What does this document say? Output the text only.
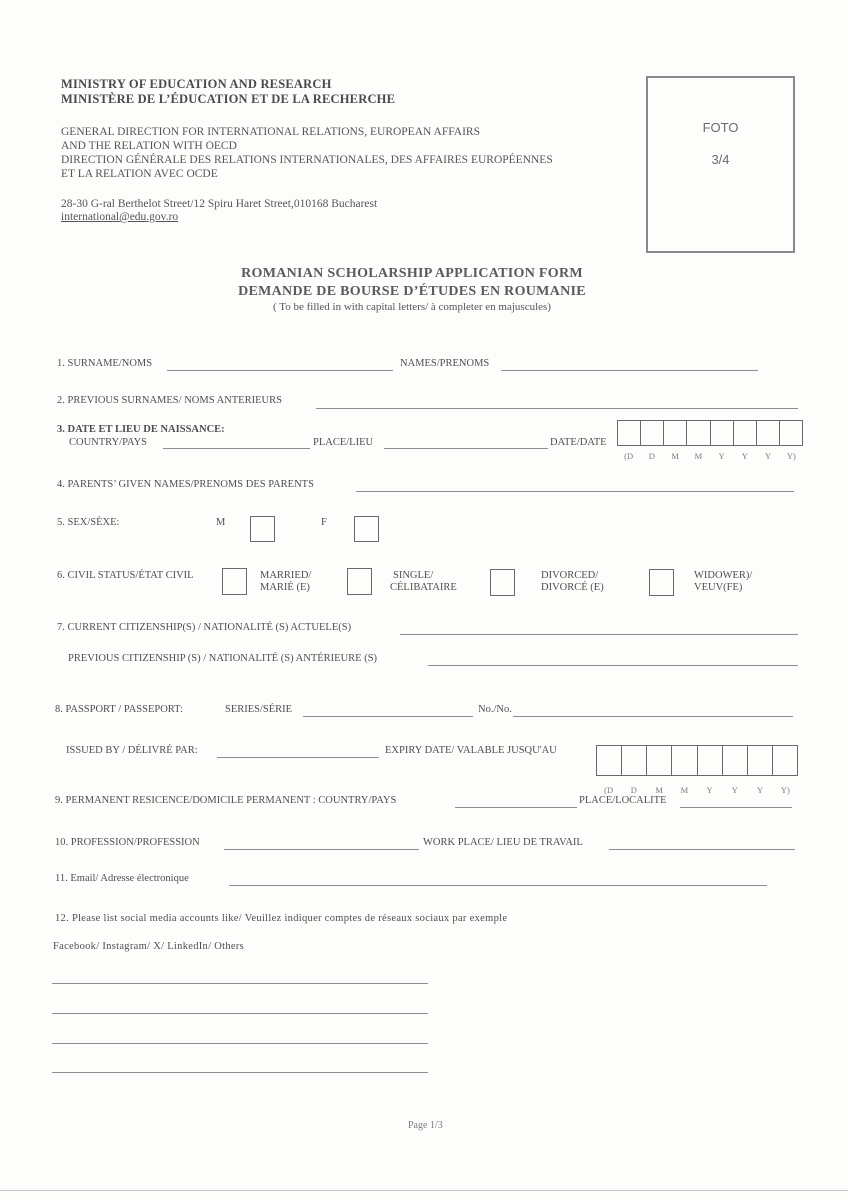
MINISTRY OF EDUCATION AND RESEARCH
MINISTÈRE DE L’ÉDUCATION ET DE LA RECHERCHE
GENERAL DIRECTION FOR INTERNATIONAL RELATIONS, EUROPEAN AFFAIRS
AND THE RELATION WITH OECD
DIRECTION GÉNÉRALE DES RELATIONS INTERNATIONALES, DES AFFAIRES EUROPÉENNES
ET LA RELATION AVEC OCDE
28-30 G-ral Berthelot Street/12 Spiru Haret Street,010168 Bucharest
international@edu.gov.ro
FOTO
3/4
ROMANIAN SCHOLARSHIP APPLICATION FORM
DEMANDE DE BOURSE D’ÉTUDES EN ROUMANIE
( To be filled in with capital letters/ à completer en majuscules)
1. SURNAME/NOMS	NAMES/PRENOMS
2. PREVIOUS SURNAMES/ NOMS ANTERIEURS
3. DATE ET LIEU DE NAISSANCE:
COUNTRY/PAYS	PLACE/LIEU	DATE/DATE
(D	D	M	M	Y	Y	Y	Y)
4. PARENTS’ GIVEN NAMES/PRENOMS DES PARENTS
5. SEX/SÈXE:	M	F
6. CIVIL STATUS/ÉTAT CIVIL	MARRIED/
MARIÉ (E)
SINGLE/
CÉLIBATAIRE
DIVORCED/
DIVORCÉ (E)
WIDOWER)/
VEUV(FE)
7. CURRENT CITIZENSHIP(S) / NATIONALITÉ (S) ACTUELE(S)
PREVIOUS CITIZENSHIP (S) / NATIONALITÉ (S) ANTÉRIEURE (S)
8. PASSPORT / PASSEPORT:	SERIES/SÉRIE	No./No.
ISSUED BY / DÉLIVRÉ PAR:	EXPIRY DATE/ VALABLE JUSQU'AU
(D	D	M	M	Y	Y	Y	Y)
9. PERMANENT RESICENCE/DOMICILE PERMANENT : COUNTRY/PAYS	PLACE/LOCALITE
10. PROFESSION/PROFESSION	WORK PLACE/ LIEU DE TRAVAIL
11. Email/ Adresse électronique
12. Please list social media accounts like/ Veuillez indiquer comptes de réseaux sociaux par exemple
Facebook/ Instagram/ X/ LinkedIn/ Others
Page 1/3
